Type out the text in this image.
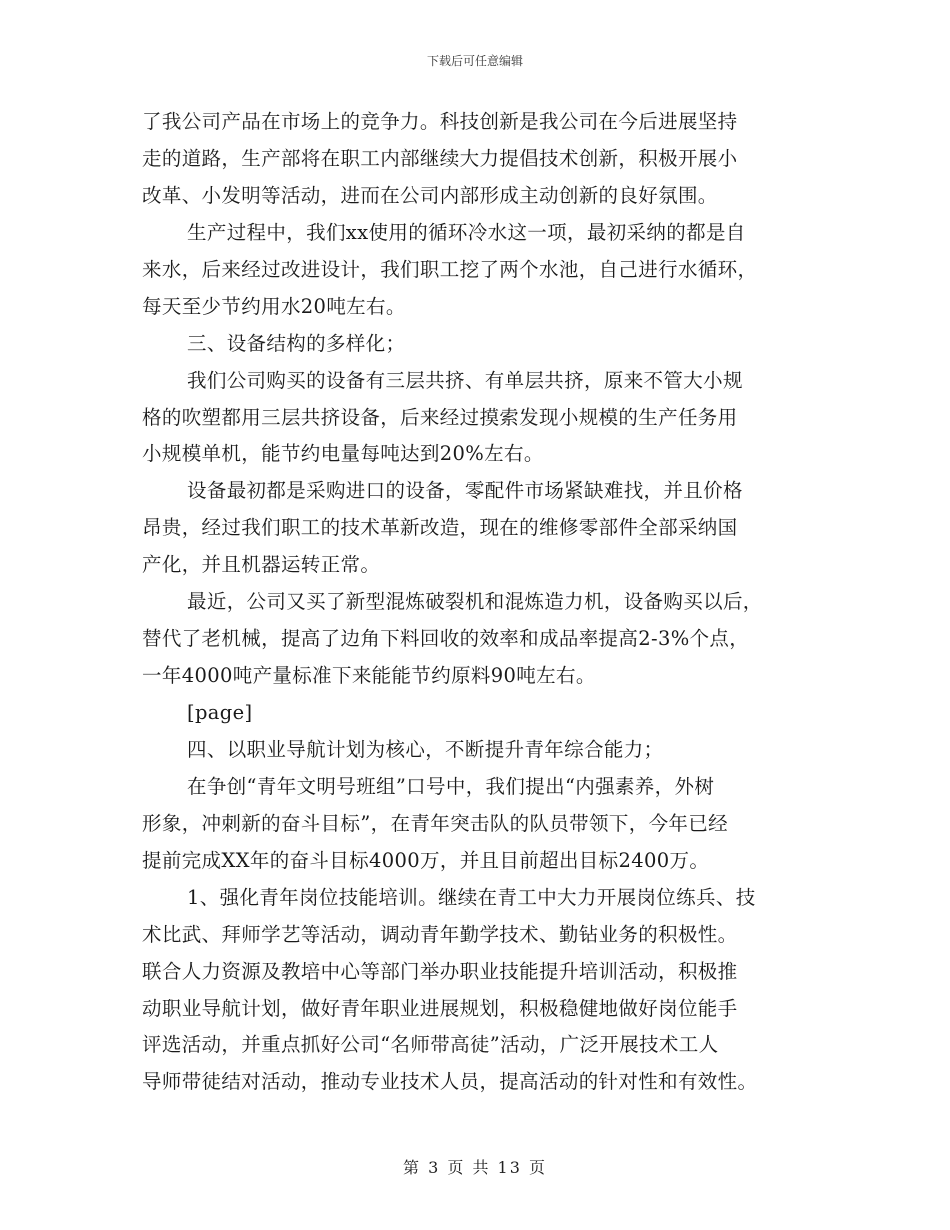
下载后可任意编辑
了我公司产品在市场上的竞争力。科技创新是我公司在今后进展坚持
走的道路，生产部将在职工内部继续大力提倡技术创新，积极开展小
改革、小发明等活动，进而在公司内部形成主动创新的良好氛围。
生产过程中，我们xx使用的循环冷水这一项，最初采纳的都是自
来水，后来经过改进设计，我们职工挖了两个水池，自己进行水循环，
每天至少节约用水20吨左右。
三、设备结构的多样化；
我们公司购买的设备有三层共挤、有单层共挤，原来不管大小规
格的吹塑都用三层共挤设备，后来经过摸索发现小规模的生产任务用
小规模单机，能节约电量每吨达到20%左右。
设备最初都是采购进口的设备，零配件市场紧缺难找，并且价格
昂贵，经过我们职工的技术革新改造，现在的维修零部件全部采纳国
产化，并且机器运转正常。
最近，公司又买了新型混炼破裂机和混炼造力机，设备购买以后，
替代了老机械，提高了边角下料回收的效率和成品率提高2-3%个点，
一年4000吨产量标准下来能能节约原料90吨左右。
[page]
四、以职业导航计划为核心，不断提升青年综合能力；
在争创“青年文明号班组”口号中，我们提出“内强素养，外树
形象，冲刺新的奋斗目标”，在青年突击队的队员带领下，今年已经
提前完成XX年的奋斗目标4000万，并且目前超出目标2400万。
1、强化青年岗位技能培训。继续在青工中大力开展岗位练兵、技
术比武、拜师学艺等活动，调动青年勤学技术、勤钻业务的积极性。
联合人力资源及教培中心等部门举办职业技能提升培训活动，积极推
动职业导航计划，做好青年职业进展规划，积极稳健地做好岗位能手
评选活动，并重点抓好公司“名师带高徒”活动，广泛开展技术工人
导师带徒结对活动，推动专业技术人员，提高活动的针对性和有效性。
第 3 页 共 13 页
